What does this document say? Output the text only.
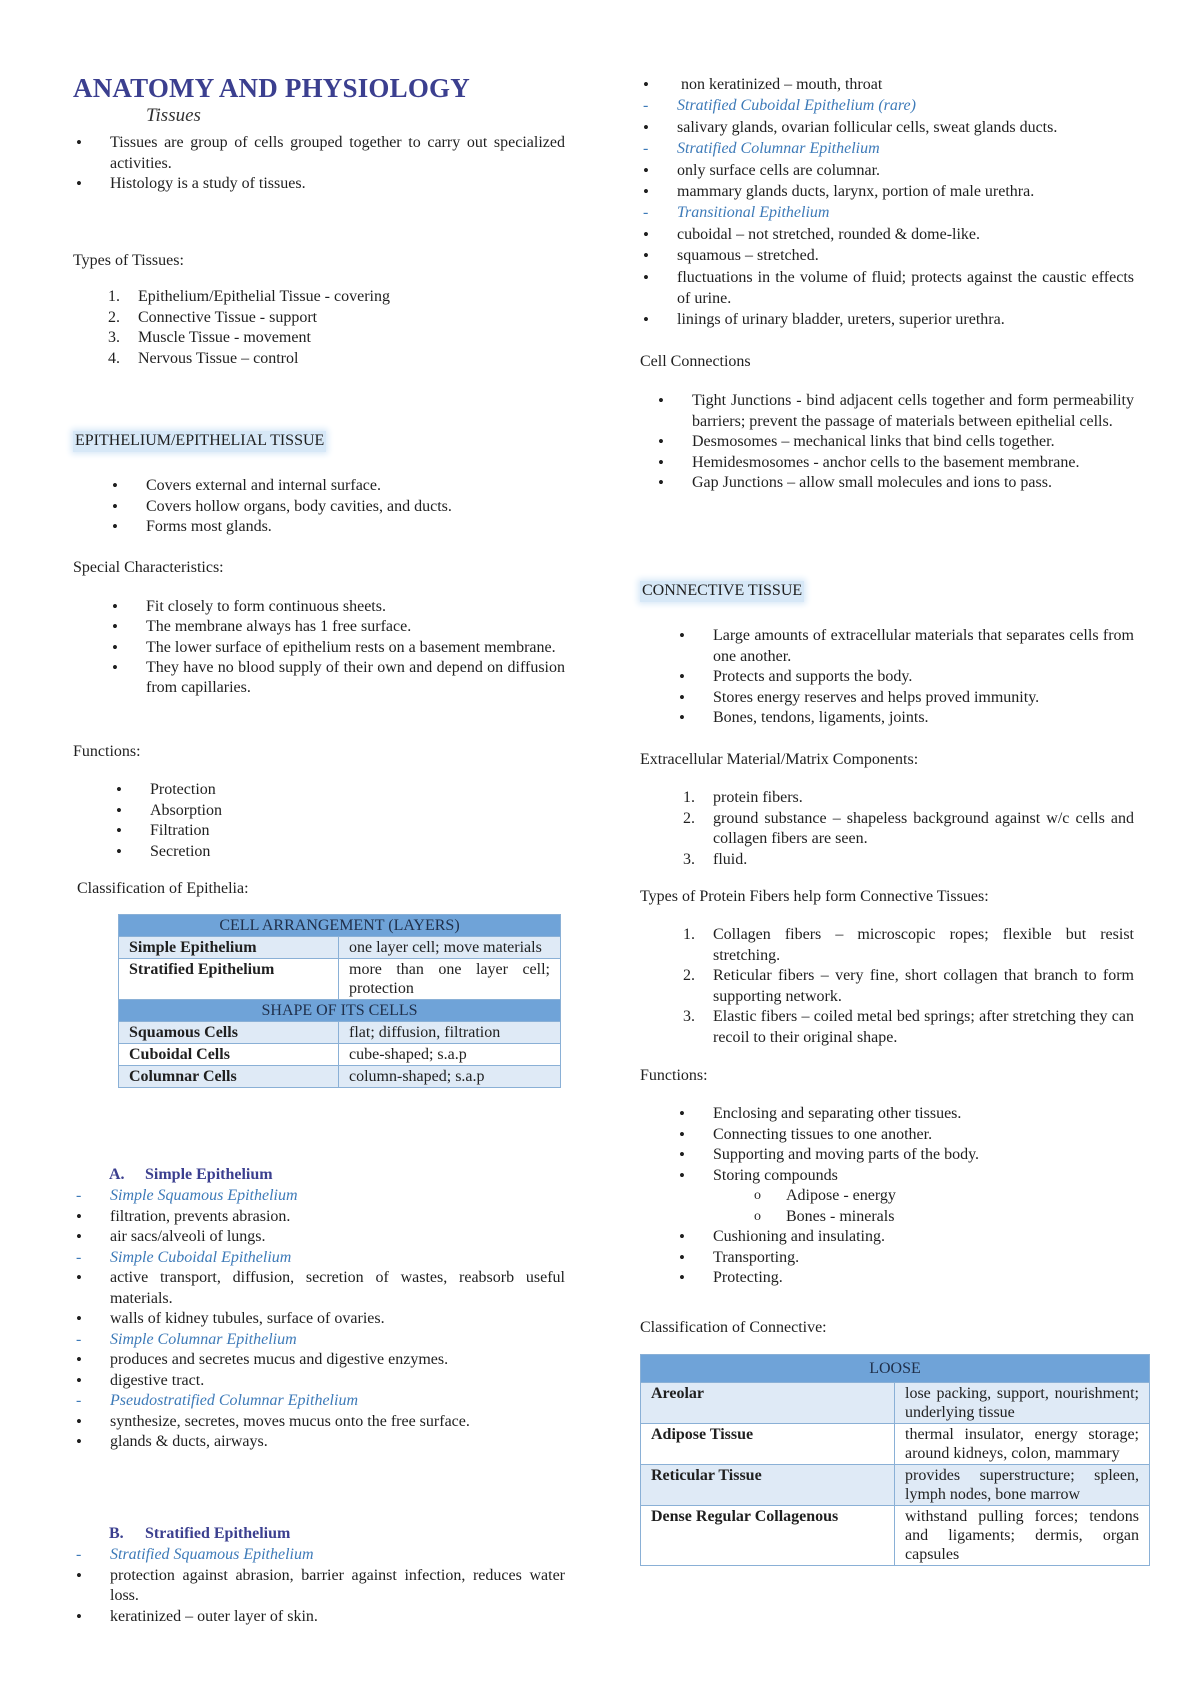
ANATOMY AND PHYSIOLOGY
Tissues
• Tissues are group of cells grouped together to carry out specialized activities.
• Histology is a study of tissues.
Types of Tissues:
1. Epithelium/Epithelial Tissue - covering
2. Connective Tissue - support
3. Muscle Tissue - movement
4. Nervous Tissue – control
EPITHELIUM/EPITHELIAL TISSUE
• Covers external and internal surface.
• Covers hollow organs, body cavities, and ducts.
• Forms most glands.
Special Characteristics:
• Fit closely to form continuous sheets.
• The membrane always has 1 free surface.
• The lower surface of epithelium rests on a basement membrane.
• They have no blood supply of their own and depend on diffusion from capillaries.
Functions:
• Protection
• Absorption
• Filtration
• Secretion
Classification of Epithelia:
CELL ARRANGEMENT (LAYERS)	
Simple Epithelium	one layer cell; move materials
Stratified Epithelium	more than one layer cell; protection
SHAPE OF ITS CELLS	
Squamous Cells	flat; diffusion, filtration
Cuboidal Cells	cube-shaped; s.a.p
Columnar Cells	column-shaped; s.a.p
A. Simple Epithelium
- Simple Squamous Epithelium
• filtration, prevents abrasion.
• air sacs/alveoli of lungs.
- Simple Cuboidal Epithelium
• active transport, diffusion, secretion of wastes, reabsorb useful materials.
• walls of kidney tubules, surface of ovaries.
- Simple Columnar Epithelium
• produces and secretes mucus and digestive enzymes.
• digestive tract.
- Pseudostratified Columnar Epithelium
• synthesize, secretes, moves mucus onto the free surface.
• glands & ducts, airways.
B. Stratified Epithelium
- Stratified Squamous Epithelium
• protection against abrasion, barrier against infection, reduces water loss.
• keratinized – outer layer of skin.
• non keratinized – mouth, throat
- Stratified Cuboidal Epithelium (rare)
• salivary glands, ovarian follicular cells, sweat glands ducts.
- Stratified Columnar Epithelium
• only surface cells are columnar.
• mammary glands ducts, larynx, portion of male urethra.
- Transitional Epithelium
• cuboidal – not stretched, rounded & dome-like.
• squamous – stretched.
• fluctuations in the volume of fluid; protects against the caustic effects of urine.
• linings of urinary bladder, ureters, superior urethra.
Cell Connections
• Tight Junctions - bind adjacent cells together and form permeability barriers; prevent the passage of materials between epithelial cells.
• Desmosomes – mechanical links that bind cells together.
• Hemidesmosomes - anchor cells to the basement membrane.
• Gap Junctions – allow small molecules and ions to pass.
CONNECTIVE TISSUE
• Large amounts of extracellular materials that separates cells from one another.
• Protects and supports the body.
• Stores energy reserves and helps proved immunity.
• Bones, tendons, ligaments, joints.
Extracellular Material/Matrix Components:
1. protein fibers.
2. ground substance – shapeless background against w/c cells and collagen fibers are seen.
3. fluid.
Types of Protein Fibers help form Connective Tissues:
1. Collagen fibers – microscopic ropes; flexible but resist stretching.
2. Reticular fibers – very fine, short collagen that branch to form supporting network.
3. Elastic fibers – coiled metal bed springs; after stretching they can recoil to their original shape.
Functions:
• Enclosing and separating other tissues.
• Connecting tissues to one another.
• Supporting and moving parts of the body.
• Storing compounds
o Adipose - energy
o Bones - minerals
• Cushioning and insulating.
• Transporting.
• Protecting.
Classification of Connective:
LOOSE	
Areolar	lose packing, support, nourishment; underlying tissue
Adipose Tissue	thermal insulator, energy storage; around kidneys, colon, mammary
Reticular Tissue	provides superstructure; spleen, lymph nodes, bone marrow
Dense Regular Collagenous	withstand pulling forces; tendons and ligaments; dermis, organ capsules
